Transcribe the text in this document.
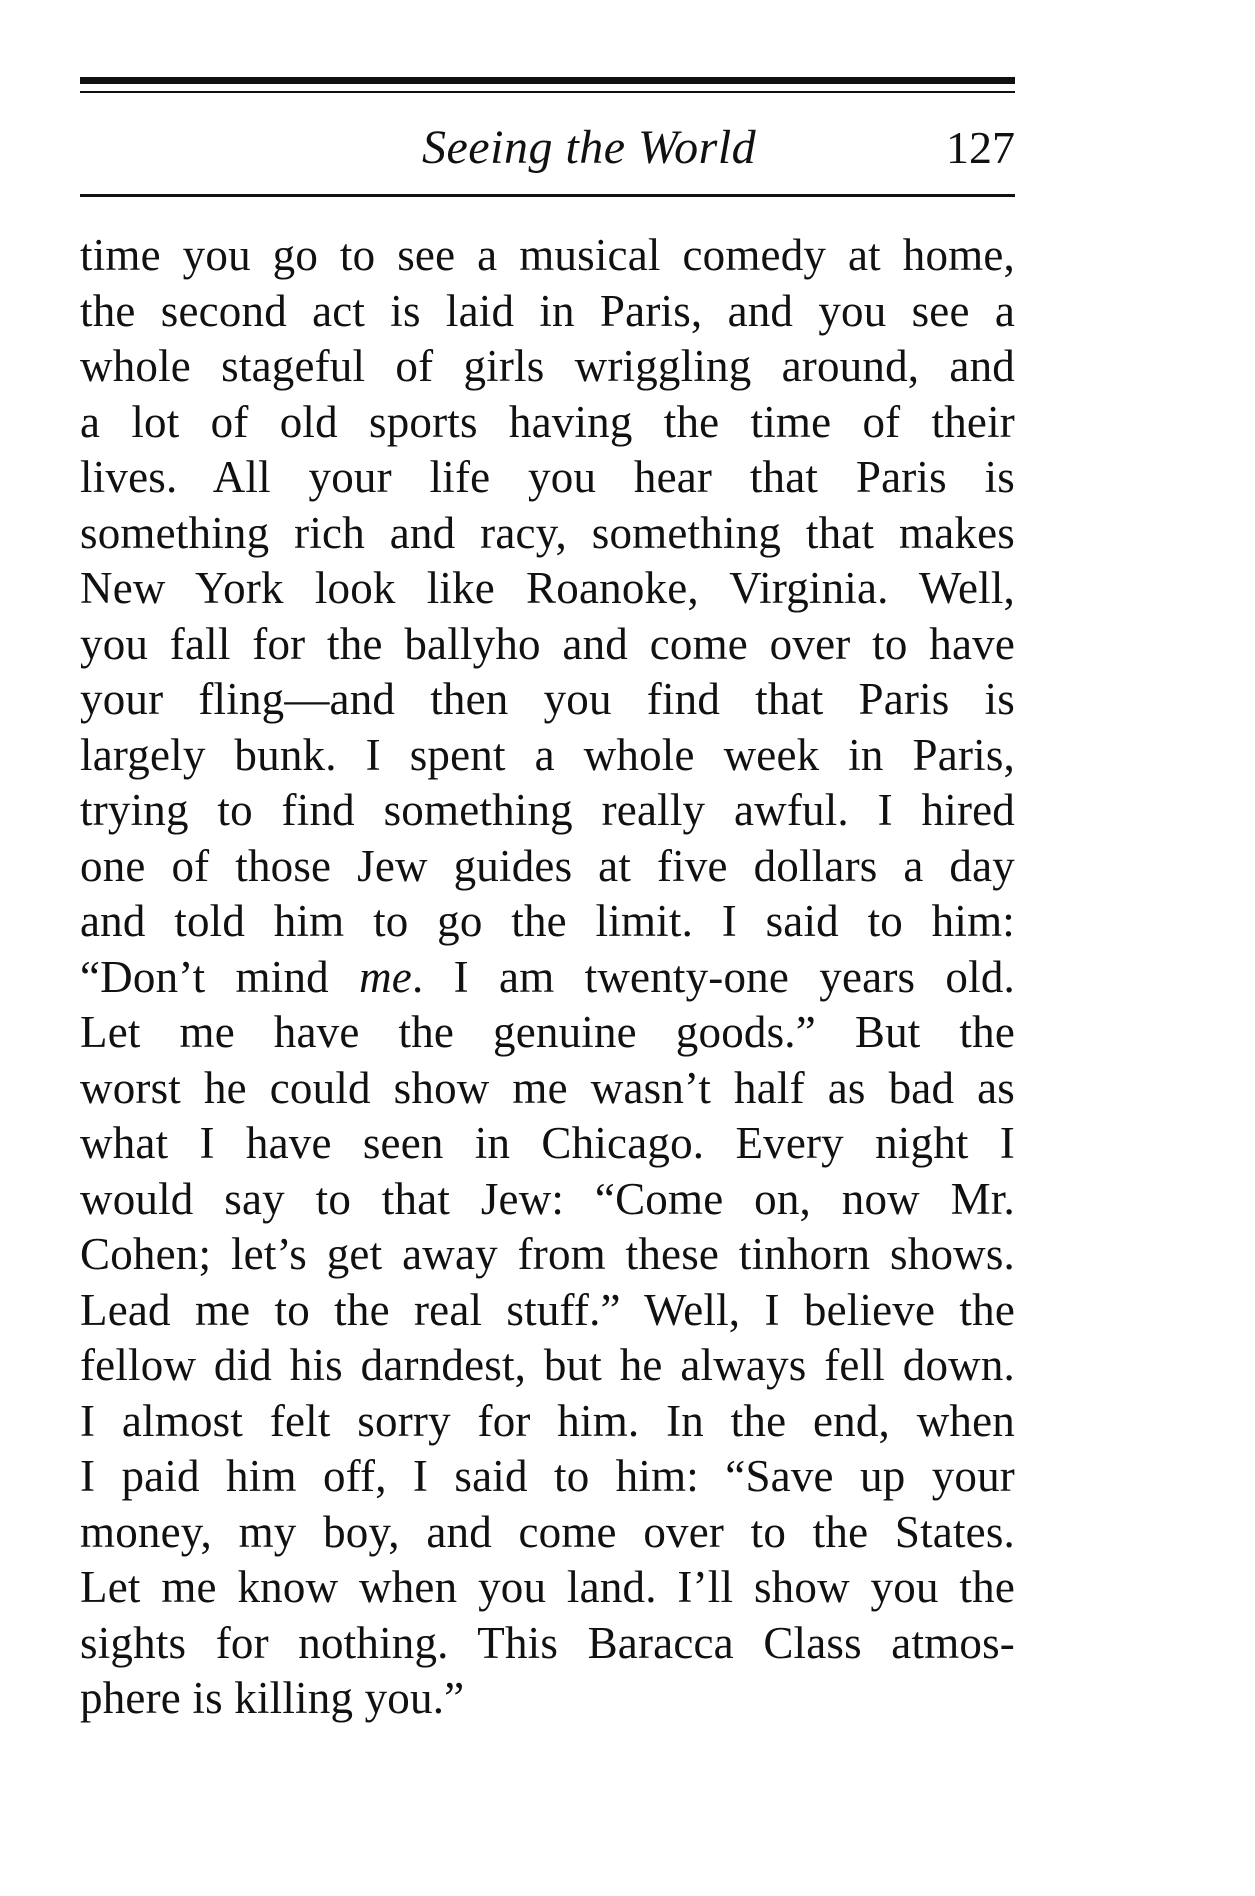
Seeing the World	127
time you go to see a musical comedy at home,
the second act is laid in Paris, and you see a
whole stageful of girls wriggling around, and
a lot of old sports having the time of their
lives. All your life you hear that Paris is
something rich and racy, something that makes
New York look like Roanoke, Virginia. Well,
you fall for the ballyho and come over to have
your fling—and then you find that Paris is
largely bunk. I spent a whole week in Paris,
trying to find something really awful. I hired
one of those Jew guides at five dollars a day
and told him to go the limit. I said to him:
“Don’t mind me. I am twenty-one years old.
Let me have the genuine goods.” But the
worst he could show me wasn’t half as bad as
what I have seen in Chicago. Every night I
would say to that Jew: “Come on, now Mr.
Cohen; let’s get away from these tinhorn shows.
Lead me to the real stuff.” Well, I believe the
fellow did his darndest, but he always fell down.
I almost felt sorry for him. In the end, when
I paid him off, I said to him: “Save up your
money, my boy, and come over to the States.
Let me know when you land. I’ll show you the
sights for nothing. This Baracca Class atmos-
phere is killing you.”
